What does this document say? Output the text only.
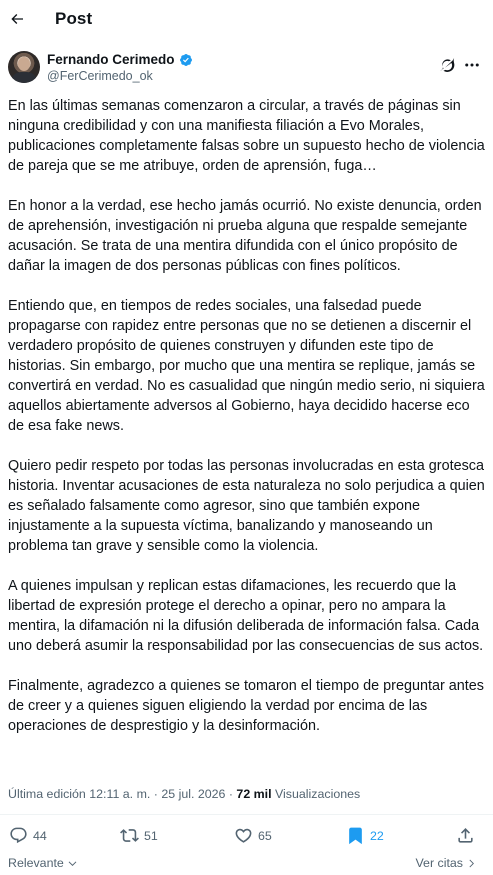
Post
Fernando Cerimedo
@FerCerimedo_ok

En las últimas semanas comenzaron a circular, a través de páginas sin ninguna credibilidad y con una manifiesta filiación a Evo Morales, publicaciones completamente falsas sobre un supuesto hecho de violencia de pareja que se me atribuye, orden de aprensión, fuga…

En honor a la verdad, ese hecho jamás ocurrió. No existe denuncia, orden de aprehensión, investigación ni prueba alguna que respalde semejante acusación. Se trata de una mentira difundida con el único propósito de dañar la imagen de dos personas públicas con fines políticos.

Entiendo que, en tiempos de redes sociales, una falsedad puede propagarse con rapidez entre personas que no se detienen a discernir el verdadero propósito de quienes construyen y difunden este tipo de historias. Sin embargo, por mucho que una mentira se replique, jamás se convertirá en verdad. No es casualidad que ningún medio serio, ni siquiera aquellos abiertamente adversos al Gobierno, haya decidido hacerse eco de esa fake news.

Quiero pedir respeto por todas las personas involucradas en esta grotesca historia. Inventar acusaciones de esta naturaleza no solo perjudica a quien es señalado falsamente como agresor, sino que también expone injustamente a la supuesta víctima, banalizando y manoseando un problema tan grave y sensible como la violencia.

A quienes impulsan y replican estas difamaciones, les recuerdo que la libertad de expresión protege el derecho a opinar, pero no ampara la mentira, la difamación ni la difusión deliberada de información falsa. Cada uno deberá asumir la responsabilidad por las consecuencias de sus actos.

Finalmente, agradezco a quienes se tomaron el tiempo de preguntar antes de creer y a quienes siguen eligiendo la verdad por encima de las operaciones de desprestigio y la desinformación.

Última edición 12:11 a. m. · 25 jul. 2026 · 72 mil Visualizaciones
44	51	65	22
Relevante	Ver citas
